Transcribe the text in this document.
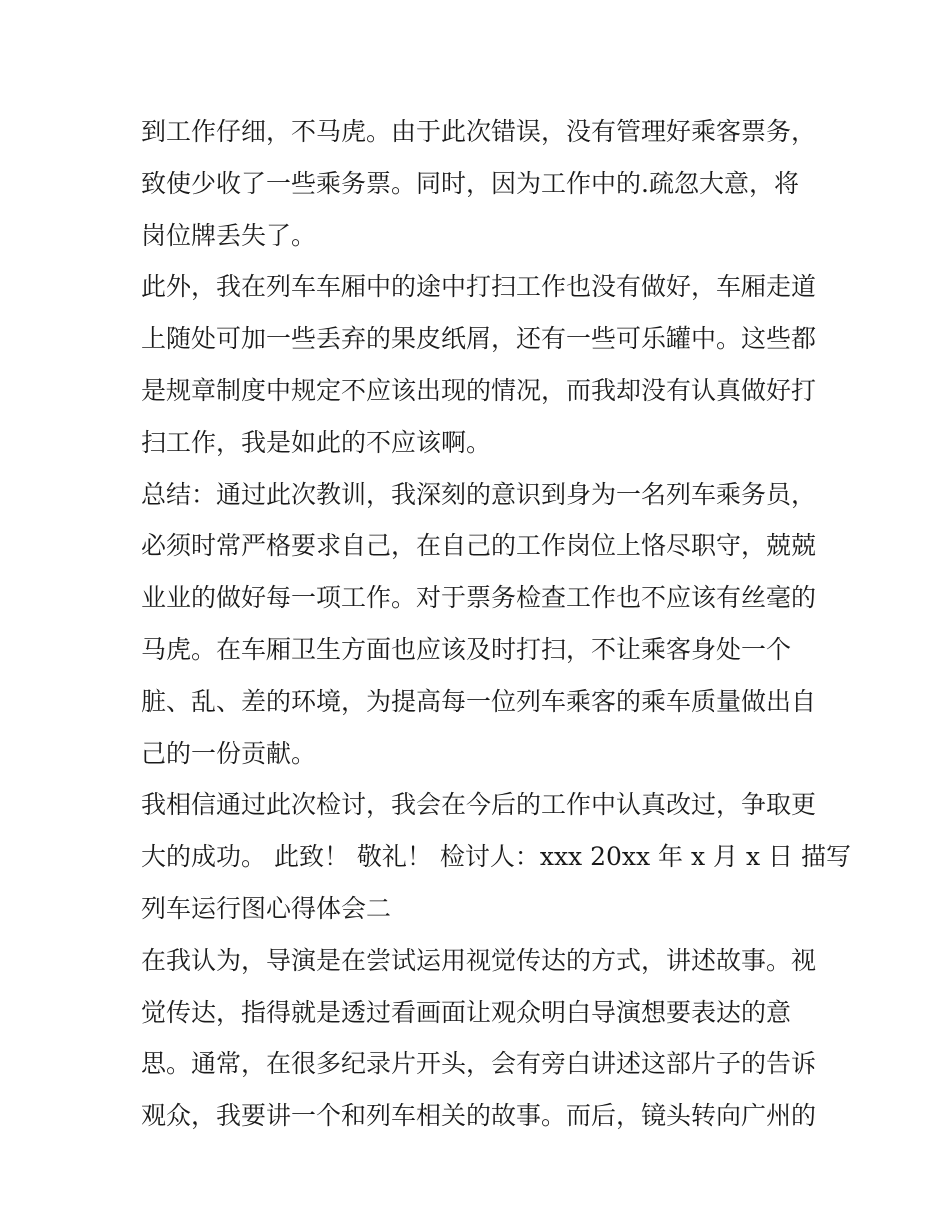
到工作仔细，不马虎。由于此次错误，没有管理好乘客票务，
致使少收了一些乘务票。同时，因为工作中的.疏忽大意，将
岗位牌丢失了。
此外，我在列车车厢中的途中打扫工作也没有做好，车厢走道
上随处可加一些丢弃的果皮纸屑，还有一些可乐罐中。这些都
是规章制度中规定不应该出现的情况，而我却没有认真做好打
扫工作，我是如此的不应该啊。
总结：通过此次教训，我深刻的意识到身为一名列车乘务员，
必须时常严格要求自己，在自己的工作岗位上恪尽职守，兢兢
业业的做好每一项工作。对于票务检查工作也不应该有丝毫的
马虎。在车厢卫生方面也应该及时打扫，不让乘客身处一个
脏、乱、差的环境，为提高每一位列车乘客的乘车质量做出自
己的一份贡献。
我相信通过此次检讨，我会在今后的工作中认真改过，争取更
大的成功。 此致！ 敬礼！ 检讨人：xxx 20xx 年 x 月 x 日 描写
列车运行图心得体会二
在我认为，导演是在尝试运用视觉传达的方式，讲述故事。视
觉传达，指得就是透过看画面让观众明白导演想要表达的意
思。通常，在很多纪录片开头，会有旁白讲述这部片子的告诉
观众，我要讲一个和列车相关的故事。而后，镜头转向广州的
